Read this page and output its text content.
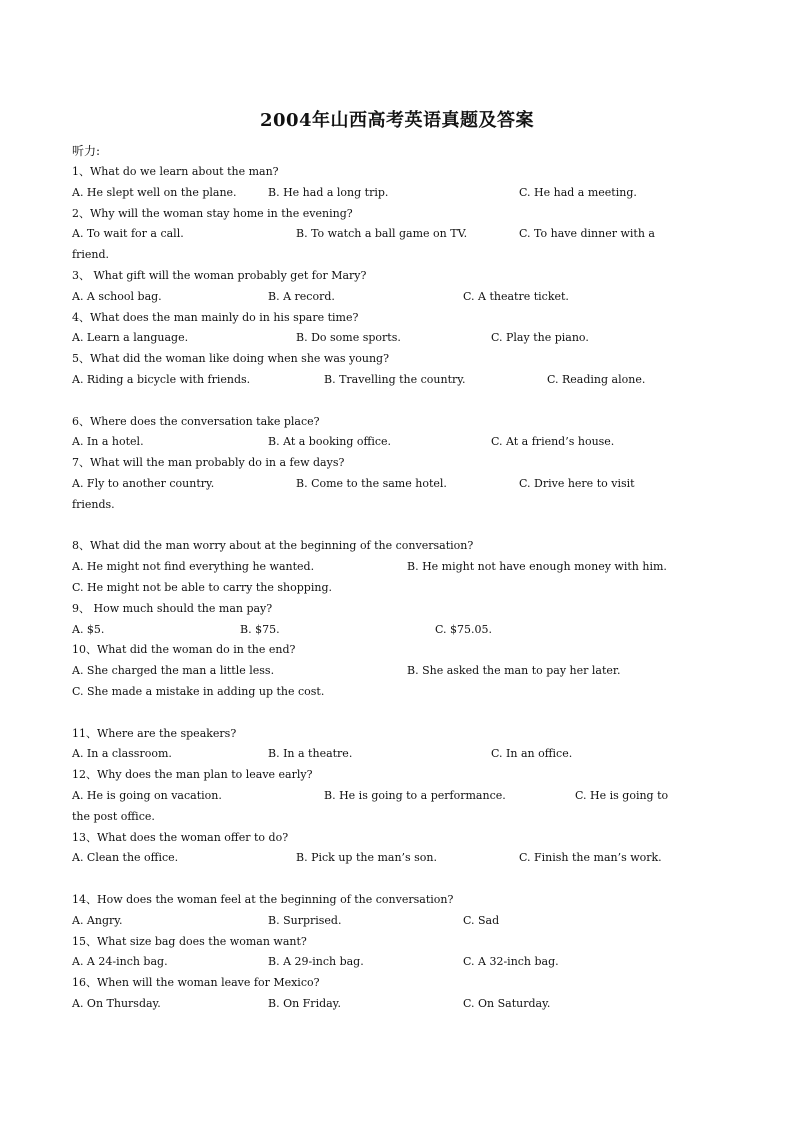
2004年山西高考英语真题及答案
听力:
1、What do we learn about the man?
A. He slept well on the plane.	B. He had a long trip.	C. He had a meeting.
2、Why will the woman stay home in the evening?
A. To wait for a call.	B. To watch a ball game on TV.	C. To have dinner with a
friend.
3、 What gift will the woman probably get for Mary?
A. A school bag.	B. A record.	C. A theatre ticket.
4、What does the man mainly do in his spare time?
A. Learn a language.	B. Do some sports.	C. Play the piano.
5、What did the woman like doing when she was young?
A. Riding a bicycle with friends.	B. Travelling the country.	C. Reading alone.
6、Where does the conversation take place?
A. In a hotel.	B. At a booking office.	C. At a friend’s house.
7、What will the man probably do in a few days?
A. Fly to another country.	B. Come to the same hotel.	C. Drive here to visit
friends.
8、What did the man worry about at the beginning of the conversation?
A. He might not find everything he wanted.	B. He might not have enough money with him.
C. He might not be able to carry the shopping.
9、 How much should the man pay?
A. $5.	B. $75.	C. $75.05.
10、What did the woman do in the end?
A. She charged the man a little less.	B. She asked the man to pay her later.
C. She made a mistake in adding up the cost.
11、Where are the speakers?
A. In a classroom.	B. In a theatre.	C. In an office.
12、Why does the man plan to leave early?
A. He is going on vacation.	B. He is going to a performance.	C. He is going to
the post office.
13、What does the woman offer to do?
A. Clean the office.	B. Pick up the man’s son.	C. Finish the man’s work.
14、How does the woman feel at the beginning of the conversation?
A. Angry.	B. Surprised.	C. Sad
15、What size bag does the woman want?
A. A 24-inch bag.	B. A 29-inch bag.	C. A 32-inch bag.
16、When will the woman leave for Mexico?
A. On Thursday.	B. On Friday.	C. On Saturday.
